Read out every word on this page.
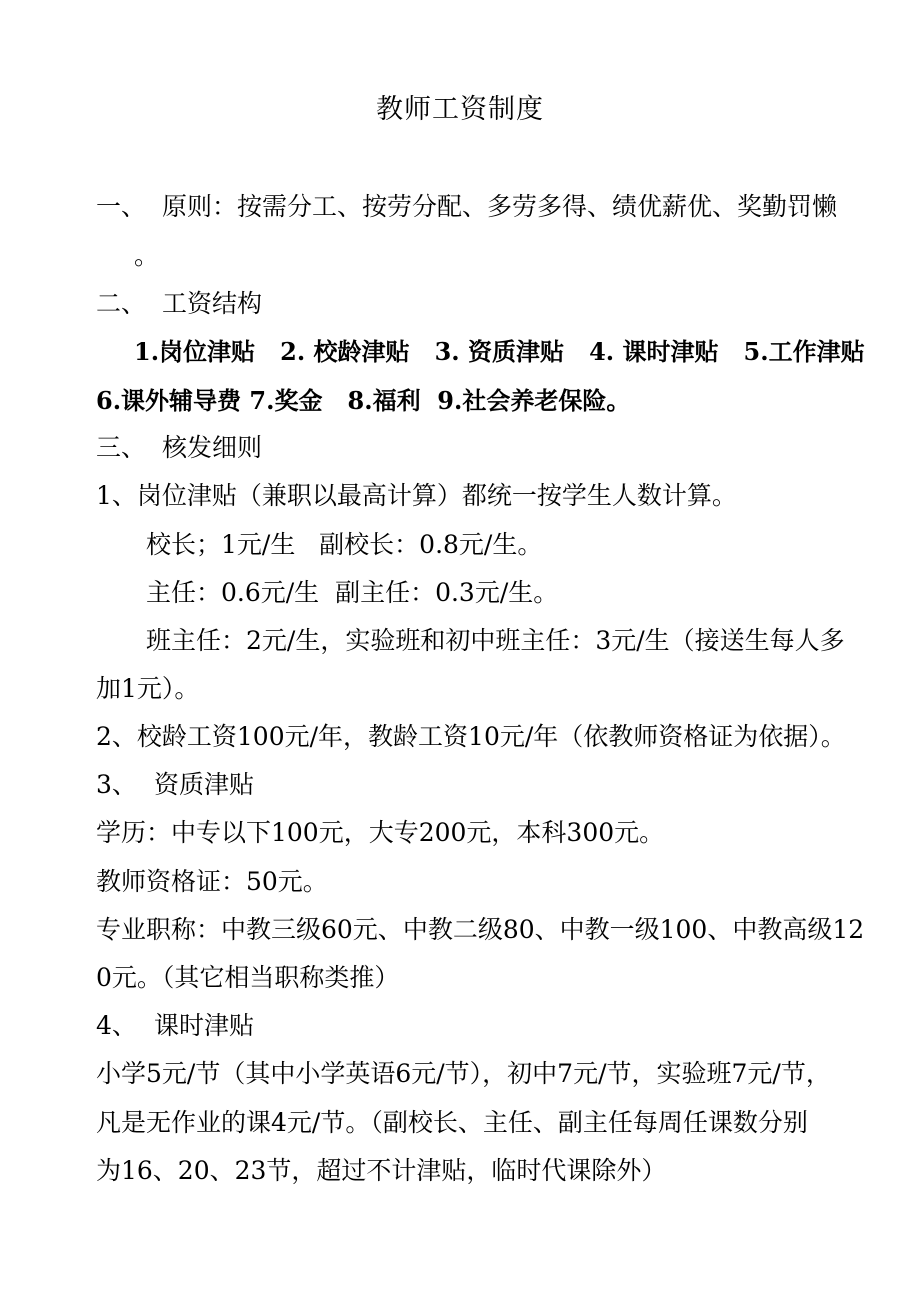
教师工资制度
一、 原则：按需分工、按劳分配、多劳多得、绩优薪优、奖勤罚懒
。
二、 工资结构
1.岗位津贴   2. 校龄津贴   3. 资质津贴   4. 课时津贴   5.工作津贴
6.课外辅导费 7.奖金   8.福利  9.社会养老保险。
三、 核发细则
1、岗位津贴（兼职以最高计算）都统一按学生人数计算。
校长；1元/生   副校长：0.8元/生。
主任：0.6元/生  副主任：0.3元/生。
班主任：2元/生，实验班和初中班主任：3元/生（接送生每人多
加1元）。
2、校龄工资100元/年，教龄工资10元/年（依教师资格证为依据）。
3、 资质津贴
学历：中专以下100元，大专200元，本科300元。
教师资格证：50元。
专业职称：中教三级60元、中教二级80、中教一级100、中教高级12
0元。（其它相当职称类推）
4、 课时津贴
小学5元/节（其中小学英语6元/节），初中7元/节，实验班7元/节，
凡是无作业的课4元/节。（副校长、主任、副主任每周任课数分别
为16、20、23节，超过不计津贴，临时代课除外）
